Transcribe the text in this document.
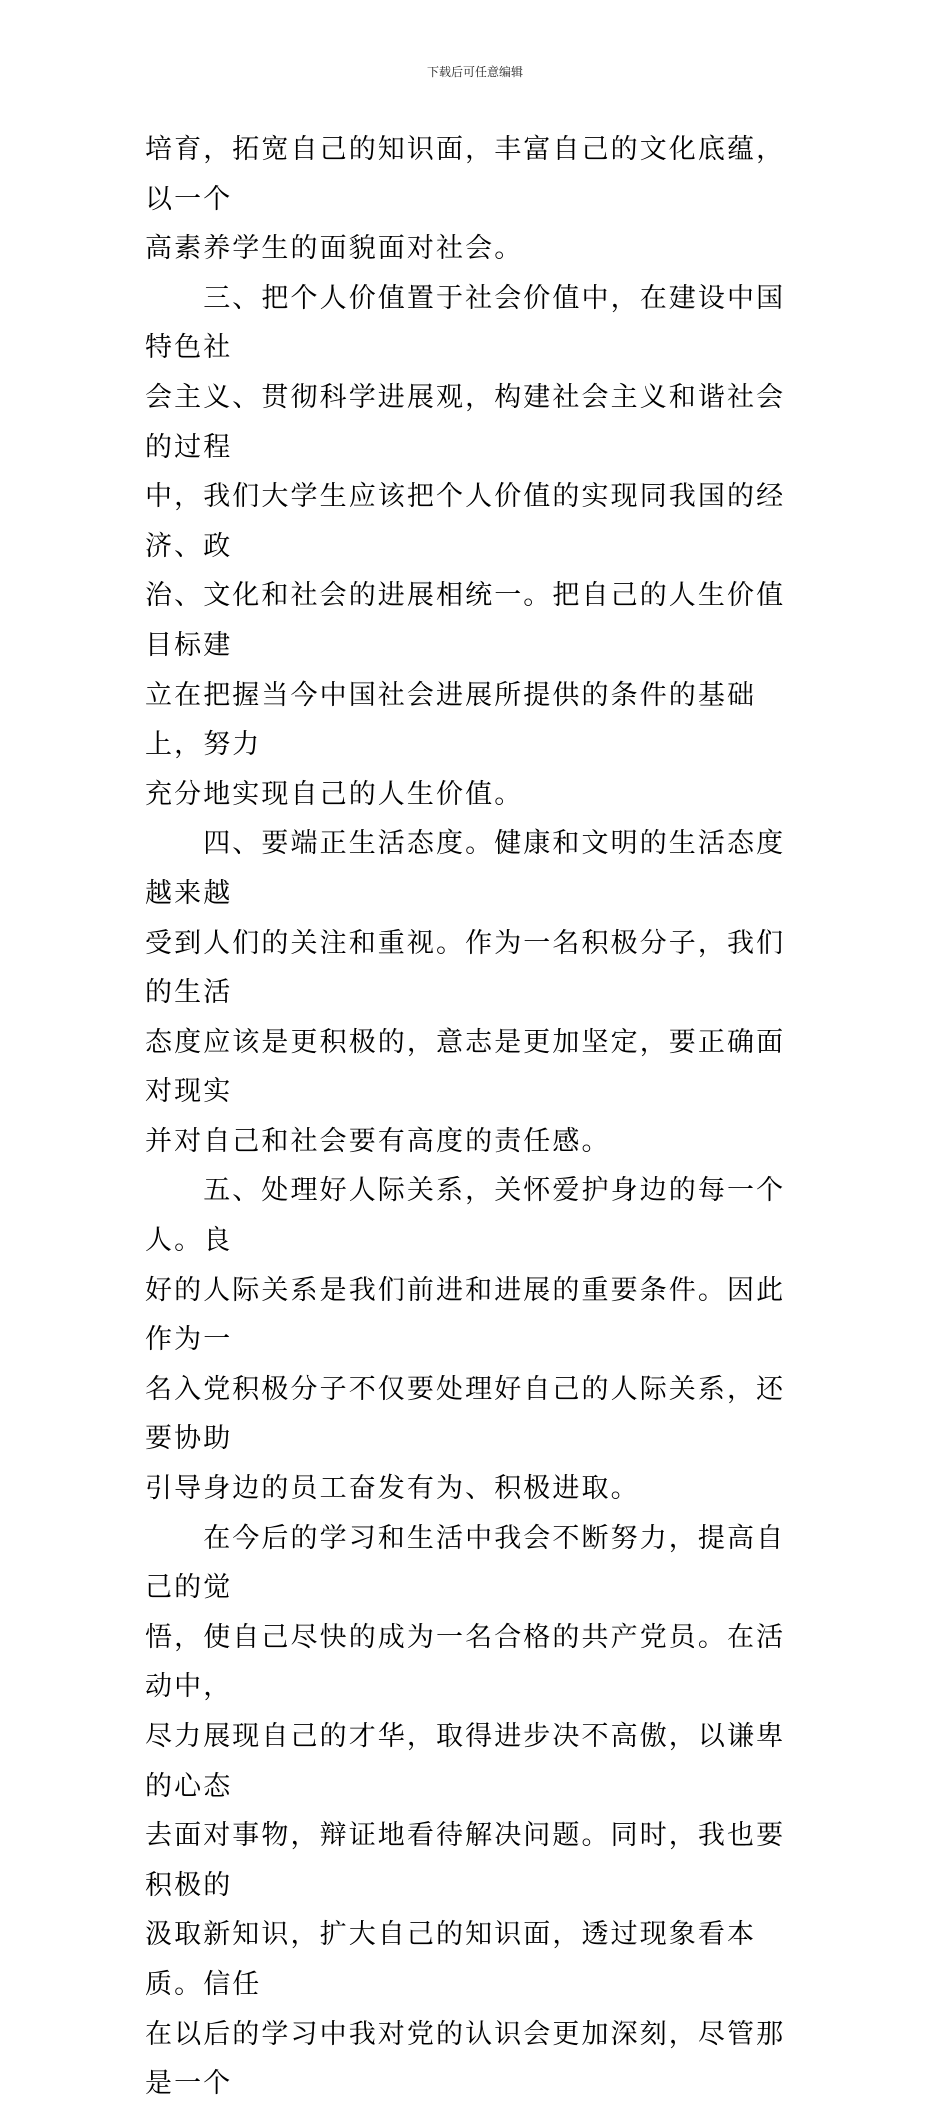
下载后可任意编辑

培育，拓宽自己的知识面，丰富自己的文化底蕴，以一个
高素养学生的面貌面对社会。

　　三、把个人价值置于社会价值中，在建设中国特色社
会主义、贯彻科学进展观，构建社会主义和谐社会的过程
中，我们大学生应该把个人价值的实现同我国的经济、政
治、文化和社会的进展相统一。把自己的人生价值目标建
立在把握当今中国社会进展所提供的条件的基础上，努力
充分地实现自己的人生价值。

　　四、要端正生活态度。健康和文明的生活态度越来越
受到人们的关注和重视。作为一名积极分子，我们的生活
态度应该是更积极的，意志是更加坚定，要正确面对现实
并对自己和社会要有高度的责任感。

　　五、处理好人际关系，关怀爱护身边的每一个人。良
好的人际关系是我们前进和进展的重要条件。因此作为一
名入党积极分子不仅要处理好自己的人际关系，还要协助
引导身边的员工奋发有为、积极进取。

　　在今后的学习和生活中我会不断努力，提高自己的觉
悟，使自己尽快的成为一名合格的共产党员。在活动中，
尽力展现自己的才华，取得进步决不高傲，以谦卑的心态
去面对事物，辩证地看待解决问题。同时，我也要积极的
汲取新知识，扩大自己的知识面，透过现象看本质。信任
在以后的学习中我对党的认识会更加深刻，尽管那是一个
